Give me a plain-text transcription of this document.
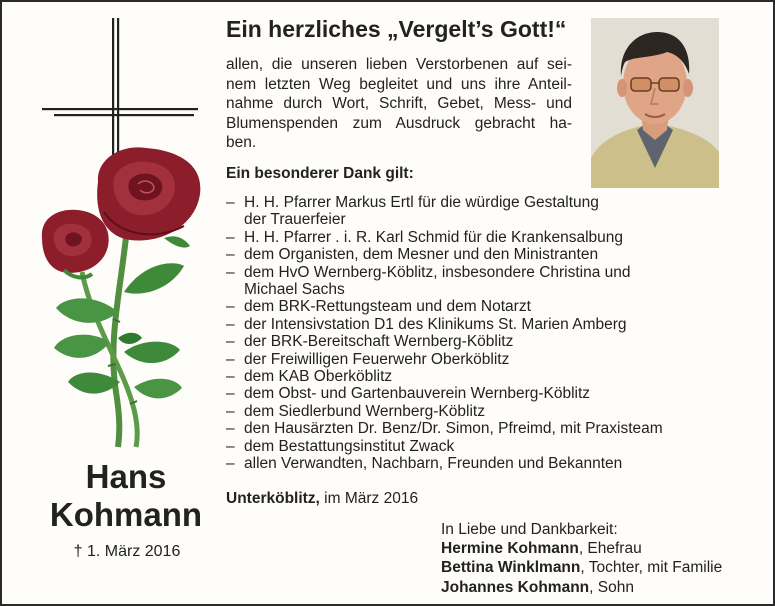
Hans
Kohmann
† 1. März 2016
Ein herzliches „Vergelt’s Gott!“
allen, die unseren lieben Verstorbenen auf sei-
nem letzten Weg begleitet und uns ihre Anteil-
nahme durch Wort, Schrift, Gebet, Mess- und
Blumenspenden zum Ausdruck gebracht ha-
ben.
Ein besonderer Dank gilt:
– H. H. Pfarrer Markus Ertl für die würdige Gestaltung
der Trauerfeier
– H. H. Pfarrer . i. R. Karl Schmid für die Krankensalbung
– dem Organisten, dem Mesner und den Ministranten
– dem HvO Wernberg-Köblitz, insbesondere Christina und
Michael Sachs
– dem BRK-Rettungsteam und dem Notarzt
– der Intensivstation D1 des Klinikums St. Marien Amberg
– der BRK-Bereitschaft Wernberg-Köblitz
– der Freiwilligen Feuerwehr Oberköblitz
– dem KAB Oberköblitz
– dem Obst- und Gartenbauverein Wernberg-Köblitz
– dem Siedlerbund Wernberg-Köblitz
– den Hausärzten Dr. Benz/Dr. Simon, Pfreimd, mit Praxisteam
– dem Bestattungsinstitut Zwack
– allen Verwandten, Nachbarn, Freunden und Bekannten
Unterköblitz, im März 2016
In Liebe und Dankbarkeit:
Hermine Kohmann, Ehefrau
Bettina Winklmann, Tochter, mit Familie
Johannes Kohmann, Sohn
